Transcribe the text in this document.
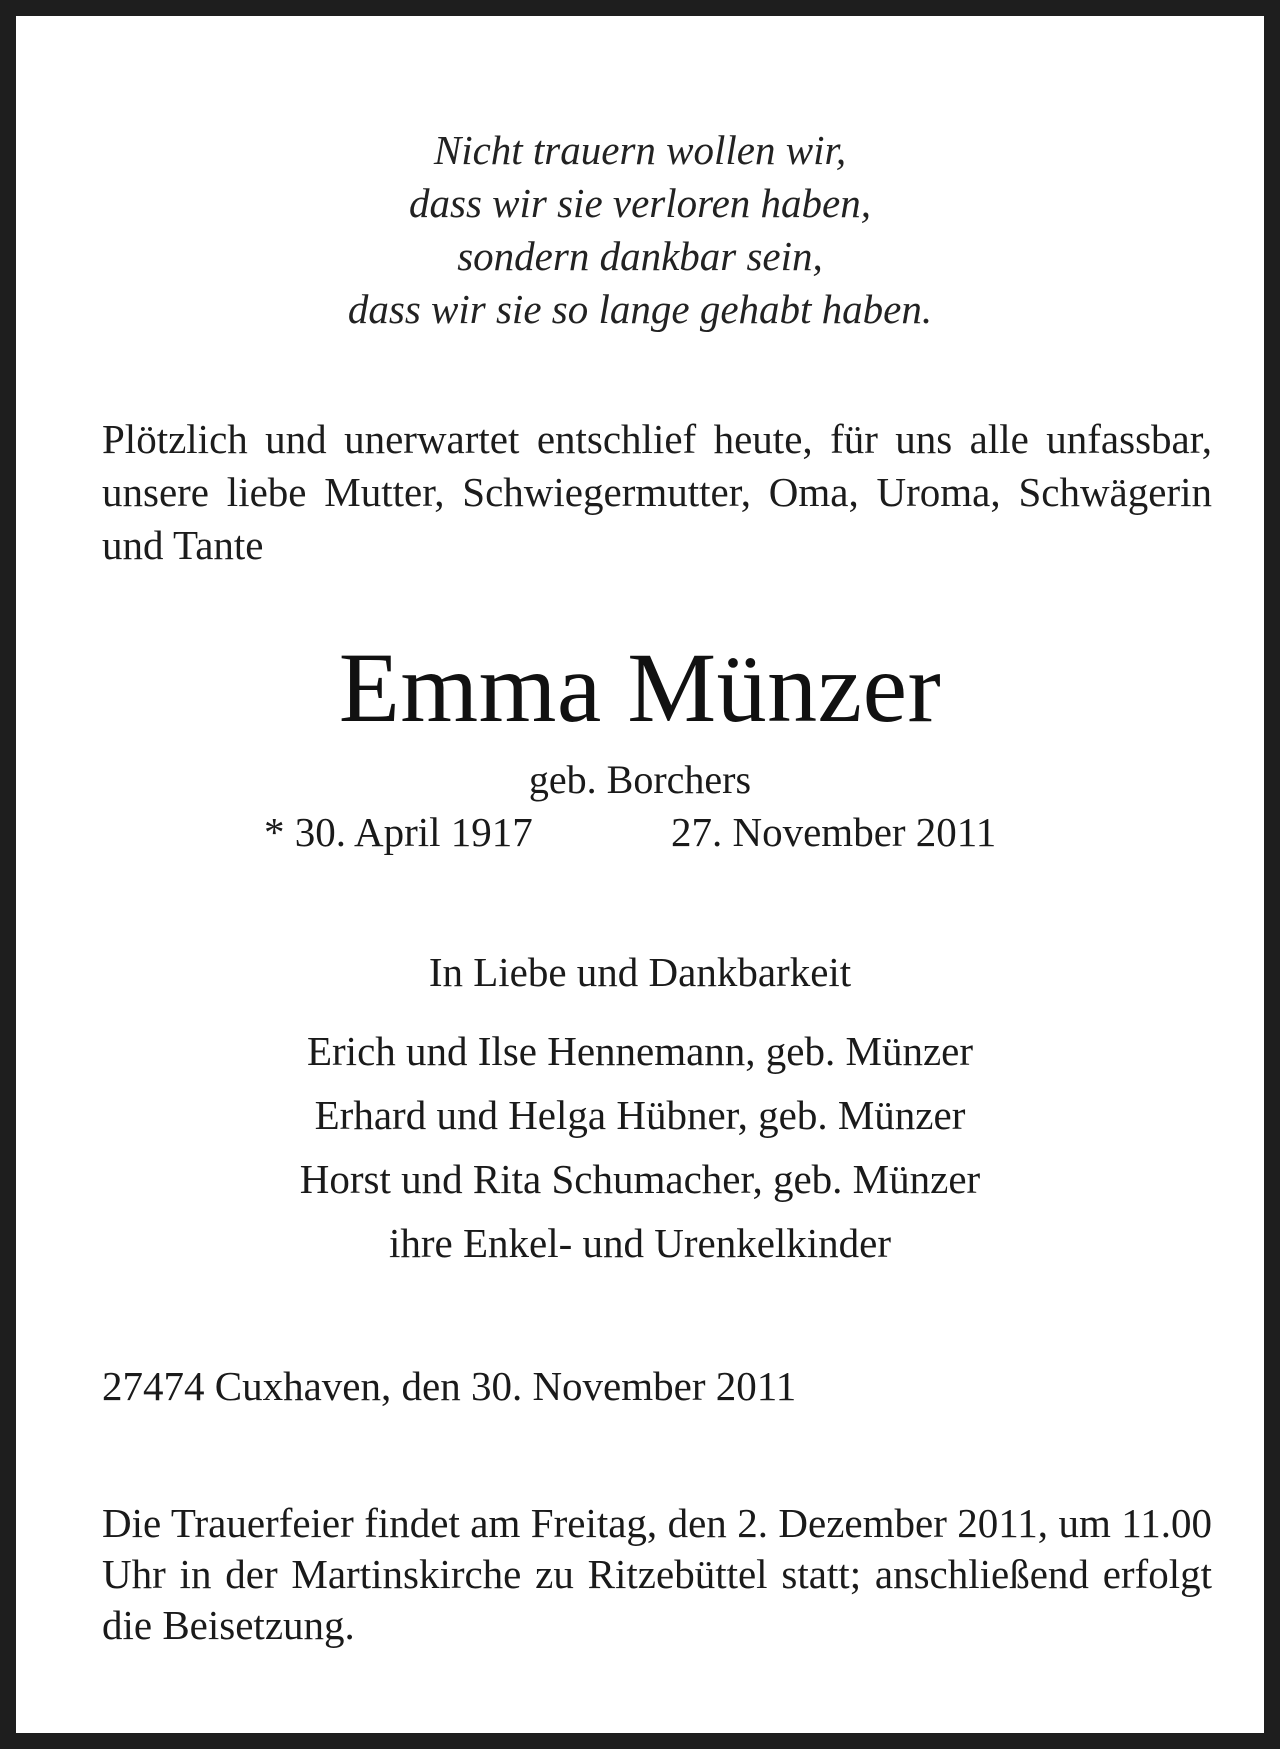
Nicht trauern wollen wir,
dass wir sie verloren haben,
sondern dankbar sein,
dass wir sie so lange gehabt haben.
Plötzlich und unerwartet entschlief heute, für uns alle unfassbar, unsere liebe Mutter, Schwiegermutter, Oma, Uroma, Schwägerin und Tante
Emma Münzer
geb. Borchers
* 30. April 1917	27. November 2011
In Liebe und Dankbarkeit
Erich und Ilse Hennemann, geb. Münzer
Erhard und Helga Hübner, geb. Münzer
Horst und Rita Schumacher, geb. Münzer
ihre Enkel- und Urenkelkinder
27474 Cuxhaven, den 30. November 2011
Die Trauerfeier findet am Freitag, den 2. Dezember 2011, um 11.00 Uhr in der Martinskirche zu Ritzebüttel statt; anschließend erfolgt die Beisetzung.
